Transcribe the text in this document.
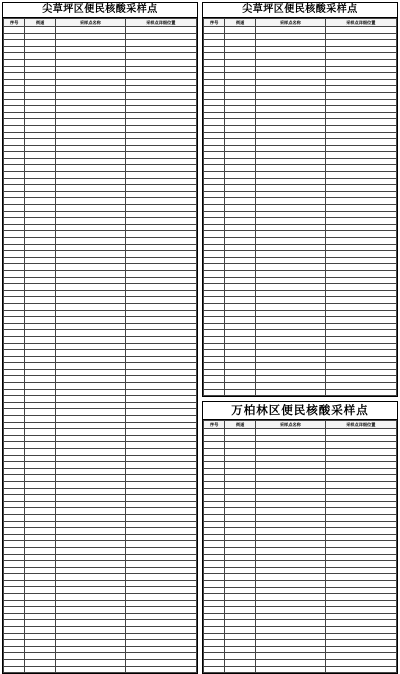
尖草坪区便民核酸采样点
序号	街道	采样点名称	采样点详细位置

尖草坪区便民核酸采样点
序号	街道	采样点名称	采样点详细位置

万柏林区便民核酸采样点
序号	街道	采样点名称	采样点详细位置
